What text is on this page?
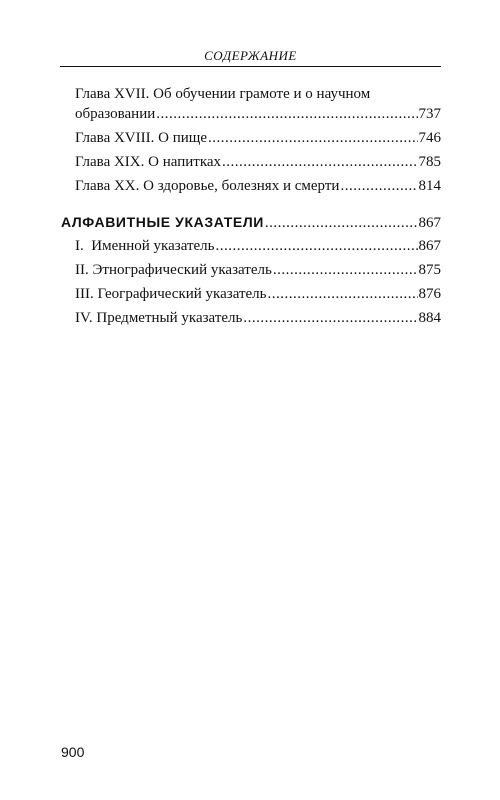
СОДЕРЖАНИЕ
Глава XVII. Об обучении грамоте и о научном
образовании .....	737
Глава XVIII. О пище .....	746
Глава XIX. О напитках .....	785
Глава XX. О здоровье, болезнях и смерти .....	814
АЛФАВИТНЫЕ УКАЗАТЕЛИ .....	867
I.  Именной указатель .....	867
II. Этнографический указатель .....	875
III. Географический указатель .....	876
IV. Предметный указатель .....	884
900
